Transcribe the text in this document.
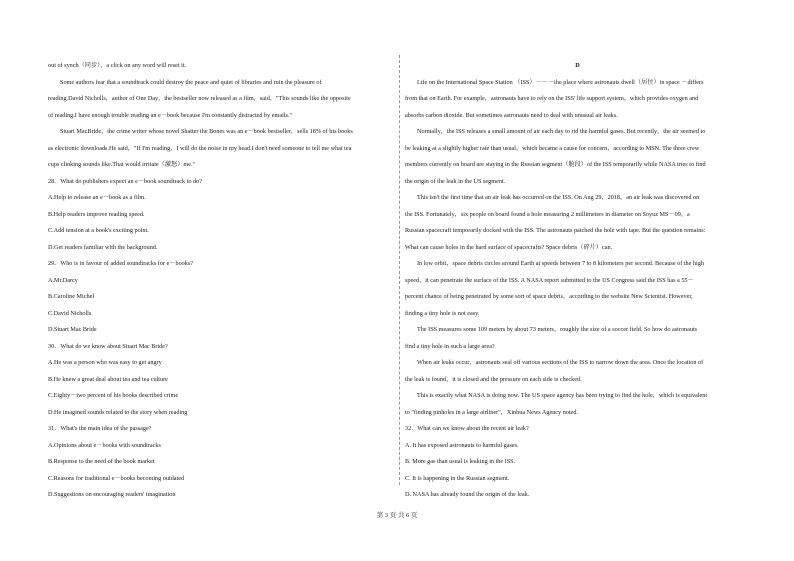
out of synch（同步），a click on any word will reset it.
Some authors fear that a soundtrack could destroy the peace and quiet of libraries and ruin the pleasure of
reading.David Nicholls，author of One Day，the bestseller now released as a film，said，"This sounds like the opposite
of reading.I have enough trouble reading an e－book because I'm constantly distracted by emails."
Stuart MacBride，the crime writer whose novel Shatter the Bones was an e－book bestseller，sells 18% of his books
as electronic downloads.He said，"If I'm reading，I will do the noise in my head.I don't need someone to tell me what tea
cups clinking sounds like.That would irritate（激怒）me."
28．What do publishers expect an e－book soundtrack to do?
A.Help to release an e－book as a film.
B.Help readers improve reading speed.
C.Add tension at a book's exciting point.
D.Get readers familiar with the background.
29．Who is in favour of added soundtracks for e－books?
A.Mr.Darcy
B.Caroline Michel
C.David Nicholls
D.Stuart Mac Bride
30．What do we know about Stuart Mac Bride?
A.He was a person who was easy to get angry
B.He knew a great deal about tea and tea culture
C.Eighty－two percent of his books described crime
D.He imagined sounds related to the story when reading
31．What's the main idea of the passage?
A.Opinions about e－books with soundtracks
B.Response to the need of the book market
C.Reasons for traditional e－books becoming outdated
D.Suggestions on encouraging readers' imagination
D
Life on the International Space Station （ISS）－－－the place where astronauts dwell（居住）in space －differs
from that on Earth. For example，astronauts have to rely on the ISS' life support system，which provides oxygen and
absorbs carbon dioxide. But sometimes astronauts need to deal with unusual air leaks.
Normally，the ISS releases a small amount of air each day to rid the harmful gases. But recently，the air seemed to
be leaking at a slightly higher rate than usual，which became a cause for concern，according to MSN. The three crew
members currently on board are staying in the Russian segment（舱段）of the ISS temporarily while NASA tries to find
the origin of the leak in the US segment.
This isn't the first time that an air leak has occurred on the ISS. On Aug 29，2018，an air leak was discovered on
the ISS. Fortunately，six people on board found a hole measuring 2 millimeters in diameter on Soyuz MS－09，a
Russian spacecraft temporarily docked with the ISS. The astronauts patched the hole with tape. But the question remains:
What can cause holes in the hard surface of spacecrafts? Space debris（碎片）can.
In low orbit，space debris circles around Earth at speeds between 7 to 8 kilometers per second. Because of the high
speed，it can penetrate the surface of the ISS. A NASA report submitted to the US Congress said the ISS has a 55－
percent chance of being penetrated by some sort of space debris，according to the website New Scientist. However,
finding a tiny hole is not easy.
The ISS measures some 109 meters by about 73 meters，roughly the size of a soccer field. So how do astronauts
find a tiny hole in such a large area?
When air leaks occur，astronauts seal off various sections of the ISS to narrow down the area. Once the location of
the leak is found，it is closed and the pressure on each side is checked.
This is exactly what NASA is doing now. The US space agency has been trying to find the hole，which is equivalent
to "finding pinholes in a large airliner"，Xinhua News Agency noted.
32．What can we know about the recent air leak?
A. It has exposed astronauts to harmful gases.
B. More gas than usual is leaking in the ISS.
C. It is happening in the Russian segment.
D. NASA has already found the origin of the leak.
第 3 页 共 6 页
